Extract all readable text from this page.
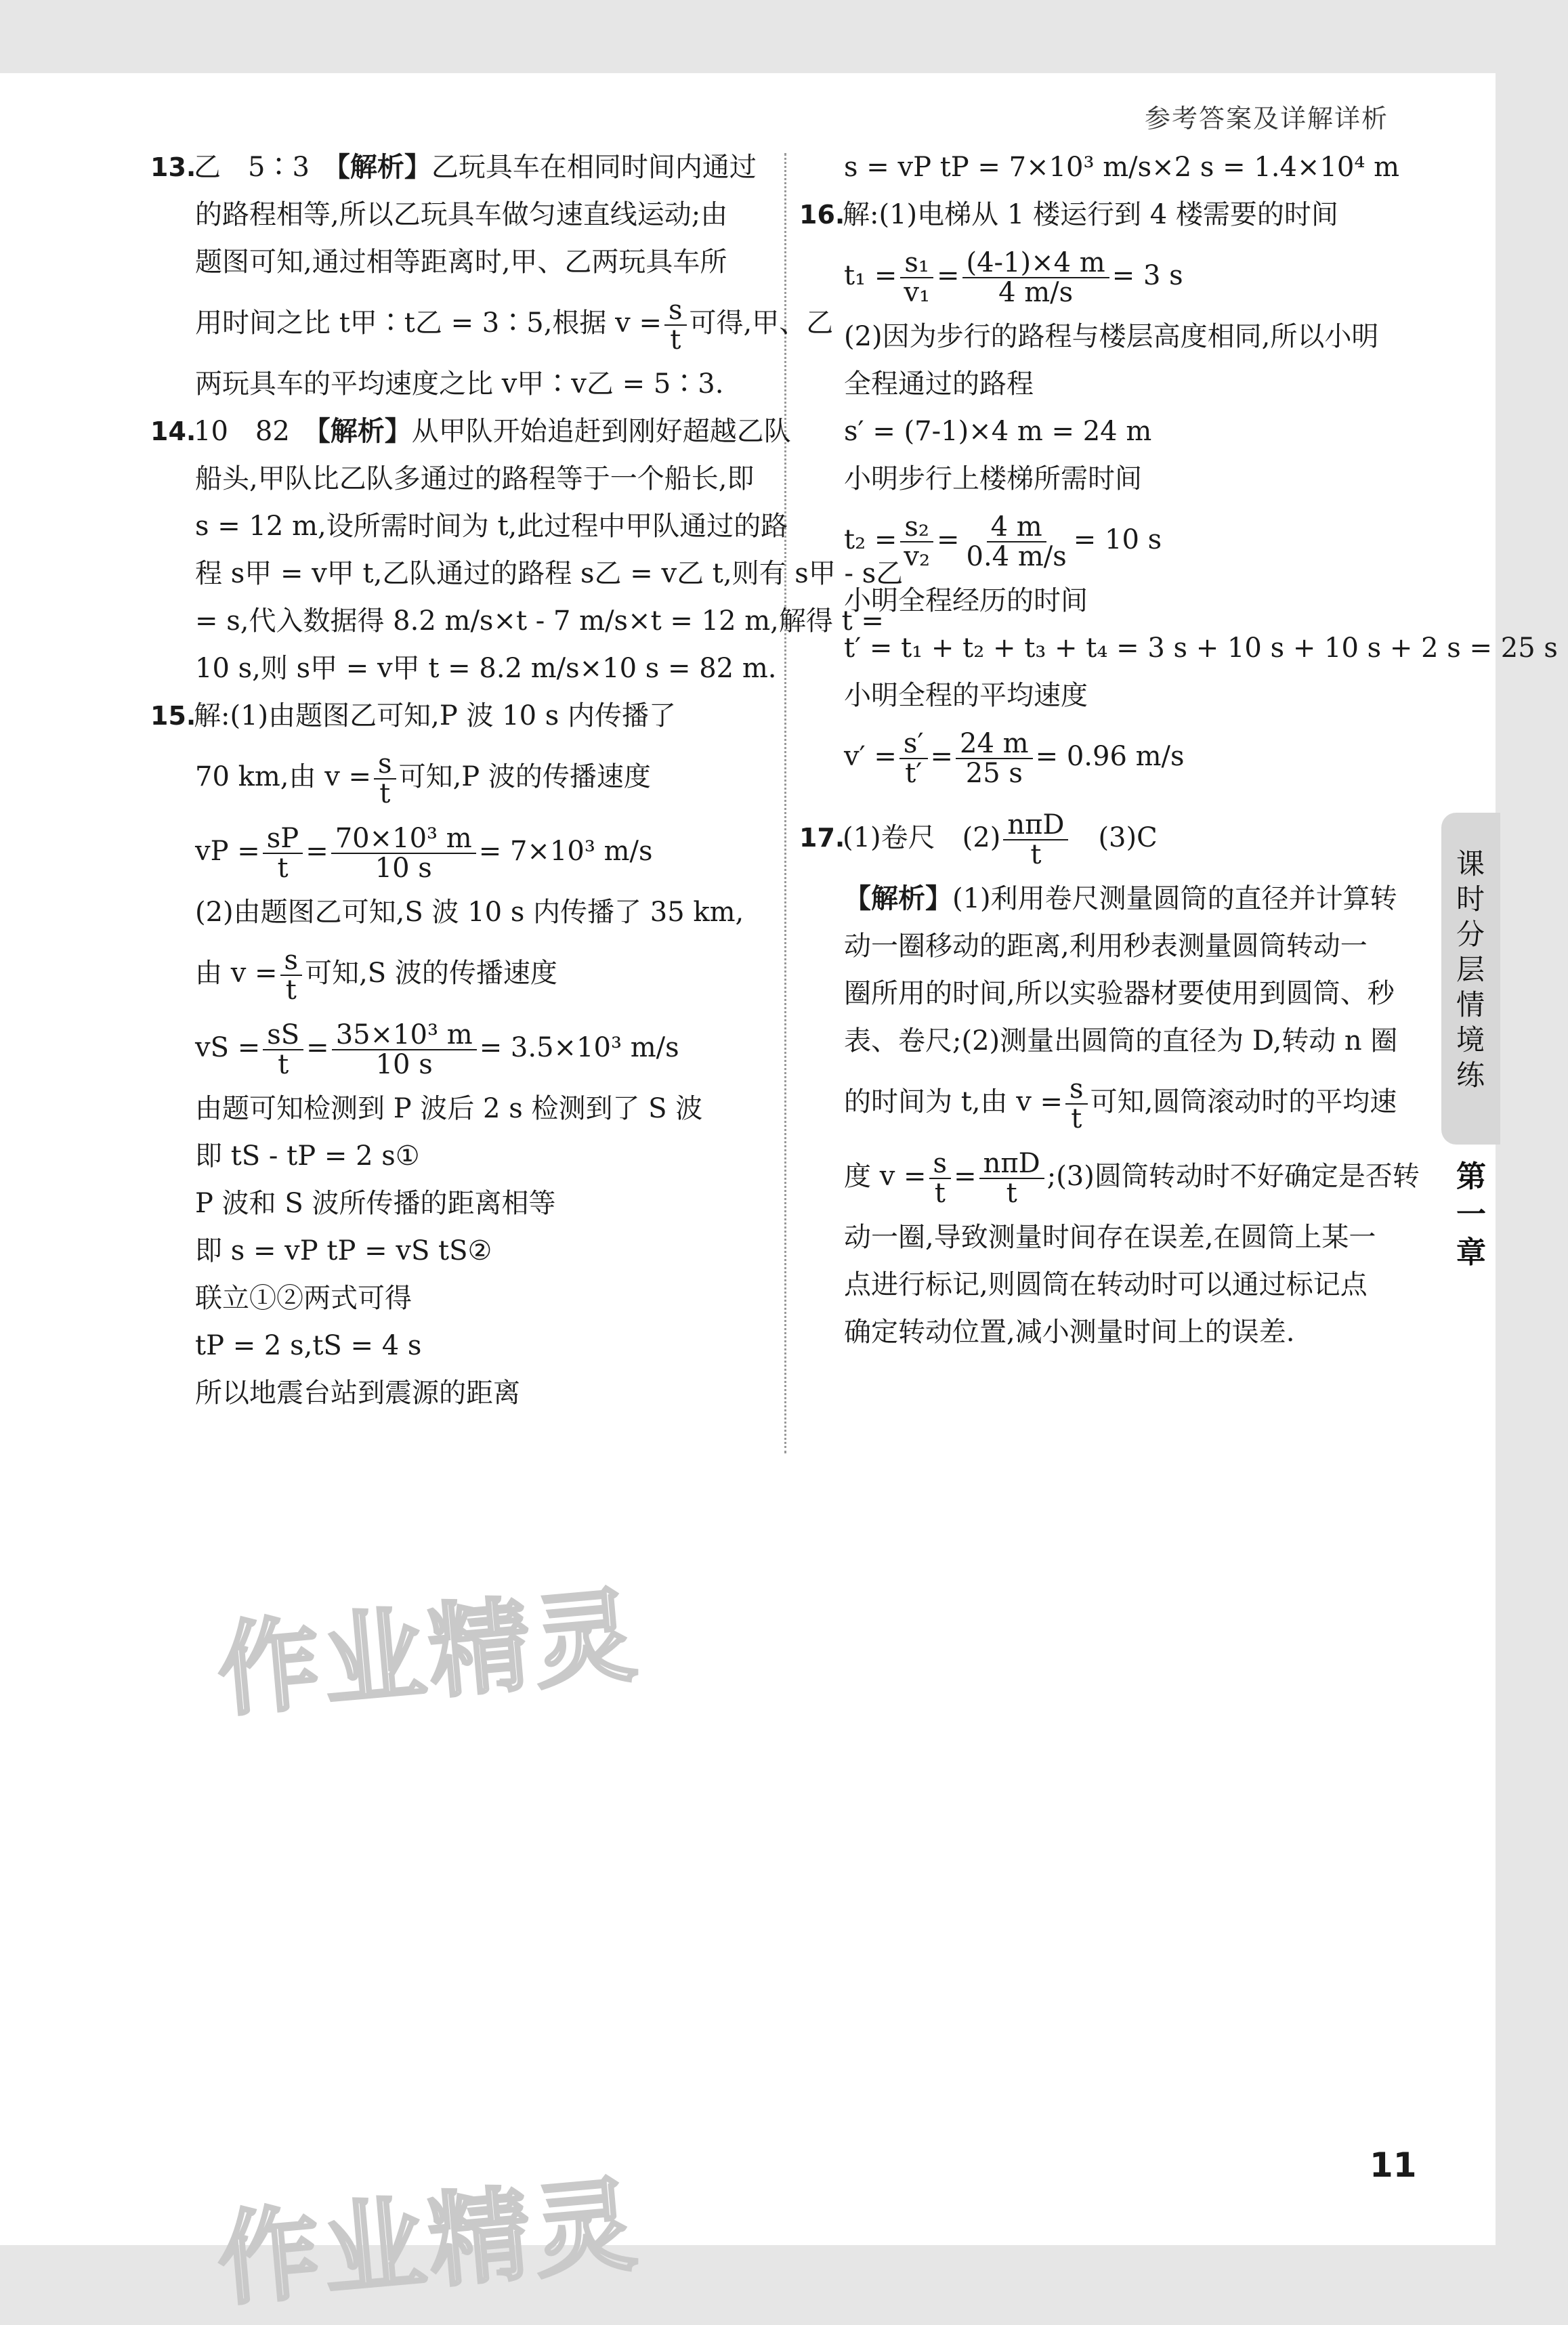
参考答案及详解详析
13.乙　5∶3　【解析】乙玩具车在相同时间内通过
的路程相等,所以乙玩具车做匀速直线运动;由
题图可知,通过相等距离时,甲、乙两玩具车所
用时间之比 t甲∶t乙 = 3∶5,根据 $v = \frac{s}{t}$ 可得,甲、乙
两玩具车的平均速度之比 v甲∶v乙 = 5∶3.
14.10　82　【解析】从甲队开始追赶到刚好超越乙队
船头,甲队比乙队多通过的路程等于一个船长,即
s = 12 m,设所需时间为 t,此过程中甲队通过的路
程 s甲 = v甲 t,乙队通过的路程 s乙 = v乙 t,则有 s甲 - s乙
= s,代入数据得 8.2 m/s×t - 7 m/s×t = 12 m,解得 t =
10 s,则 s甲 = v甲 t = 8.2 m/s×10 s = 82 m.
15.解:(1)由题图乙可知,P 波 10 s 内传播了
70 km,由 $v = \frac{s}{t}$ 可知,P 波的传播速度
vP = $\frac{sP}{t} = \frac{\text{70×10³ m}}{10 s} = 7\times 10^3$ m/s
(2)由题图乙可知,S 波 10 s 内传播了 35 km,
由 $v = \frac{s}{t}$ 可知,S 波的传播速度
vS = $\frac{sS}{t} = \frac{\text{35×10³ m}}{10 s} = 3.5\times 10^3$ m/s
由题可知检测到 P 波后 2 s 检测到了 S 波
即 tS - tP = 2 s①
P 波和 S 波所传播的距离相等
即 s = vP tP = vS tS②
联立①②两式可得
tP = 2 s,tS = 4 s
所以地震台站到震源的距离
s = vP tP = 7×10³ m/s×2 s = 1.4×10⁴ m
16.解:(1)电梯从 1 楼运行到 4 楼需要的时间
$t_1 = \frac{\text{s₁}}{\text{v₁}} = \frac{(4-1)\times 4 m}{4 m/s} = 3$ s
(2)因为步行的路程与楼层高度相同,所以小明
全程通过的路程
s′ = (7-1)×4 m = 24 m
小明步行上楼梯所需时间
$t_2 = \frac{\text{s₂}}{\text{v₂}} = \frac{4 m}{0.4 m/s} = 10$ s
小明全程经历的时间
t′ = t₁ + t₂ + t₃ + t₄ = 3 s + 10 s + 10 s + 2 s = 25 s
小明全程的平均速度
$v' = \frac{s'}{t'} = \frac{24 m}{25 s} = 0.96$ m/s
17.(1)卷尺　$(2) \frac{\text{nπD}}{t}$ 　(3)C
【解析】(1)利用卷尺测量圆筒的直径并计算转
动一圈移动的距离,利用秒表测量圆筒转动一
圈所用的时间,所以实验器材要使用到圆筒、秒
表、卷尺;(2)测量出圆筒的直径为 D,转动 n 圈
的时间为 t,由 $v = \frac{s}{t}$ 可知,圆筒滚动时的平均速
度 $v = \frac{s}{t} = \frac{\text{nπD}}{t}$ ;(3)圆筒转动时不好确定是否转
动一圈,导致测量时间存在误差,在圆筒上某一
点进行标记,则圆筒在转动时可以通过标记点
确定转动位置,减小测量时间上的误差.
课时分层情境练
第一章
作业精灵
作业精灵
11
